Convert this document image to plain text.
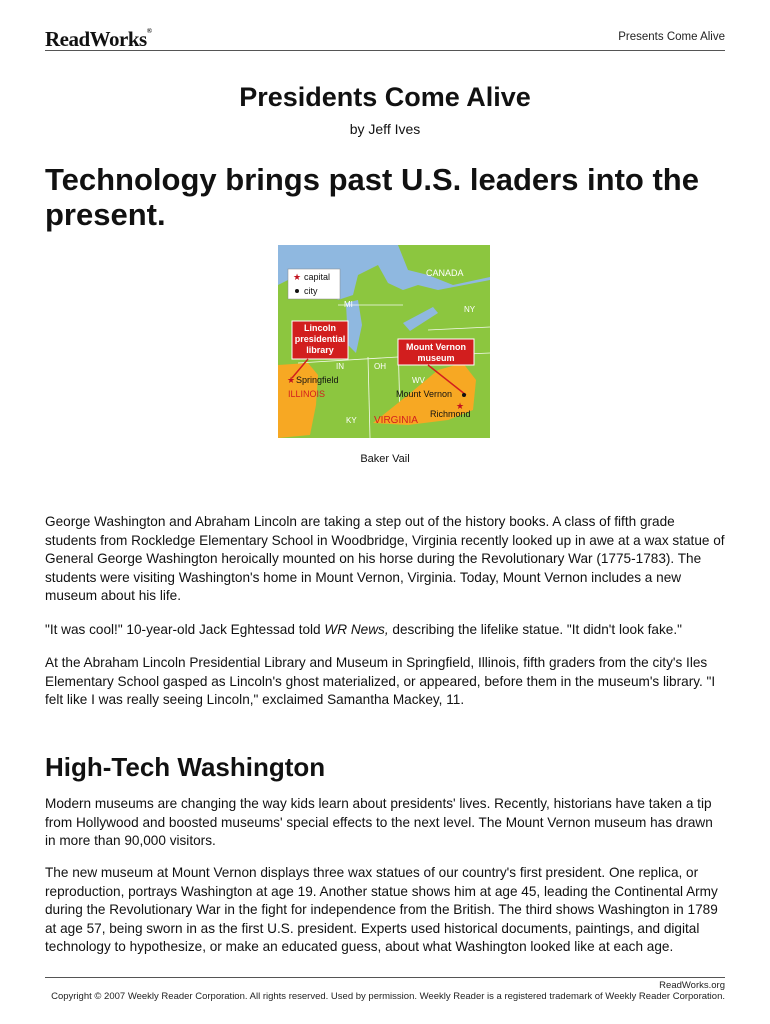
ReadWorks®	Presents Come Alive
Presidents Come Alive
by Jeff Ives
Technology brings past U.S. leaders into the present.
★ capital
city
CANADA
MI
NY
IN	OH
WV
KY
Lincoln
presidential
library	Mount Vernon
museum
★ Springfield
ILLINOIS	Mount Vernon
★
Richmond
VIRGINIA
Baker Vail

George Washington and Abraham Lincoln are taking a step out of the history books. A class of fifth grade students from Rockledge Elementary School in Woodbridge, Virginia recently looked up in awe at a wax statue of General George Washington heroically mounted on his horse during the Revolutionary War (1775-1783). The students were visiting Washington's home in Mount Vernon, Virginia. Today, Mount Vernon includes a new museum about his life.

"It was cool!" 10-year-old Jack Eghtessad told WR News, describing the lifelike statue. "It didn't look fake."

At the Abraham Lincoln Presidential Library and Museum in Springfield, Illinois, fifth graders from the city's Iles Elementary School gasped as Lincoln's ghost materialized, or appeared, before them in the museum's library. "I felt like I was really seeing Lincoln," exclaimed Samantha Mackey, 11.

High-Tech Washington

Modern museums are changing the way kids learn about presidents' lives. Recently, historians have taken a tip from Hollywood and boosted museums' special effects to the next level. The Mount Vernon museum has drawn in more than 90,000 visitors.

The new museum at Mount Vernon displays three wax statues of our country's first president. One replica, or reproduction, portrays Washington at age 19. Another statue shows him at age 45, leading the Continental Army during the Revolutionary War in the fight for independence from the British. The third shows Washington in 1789 at age 57, being sworn in as the first U.S. president. Experts used historical documents, paintings, and digital technology to hypothesize, or make an educated guess, about what Washington looked like at each age.

ReadWorks.org
Copyright © 2007 Weekly Reader Corporation. All rights reserved. Used by permission. Weekly Reader is a registered trademark of Weekly Reader Corporation.
